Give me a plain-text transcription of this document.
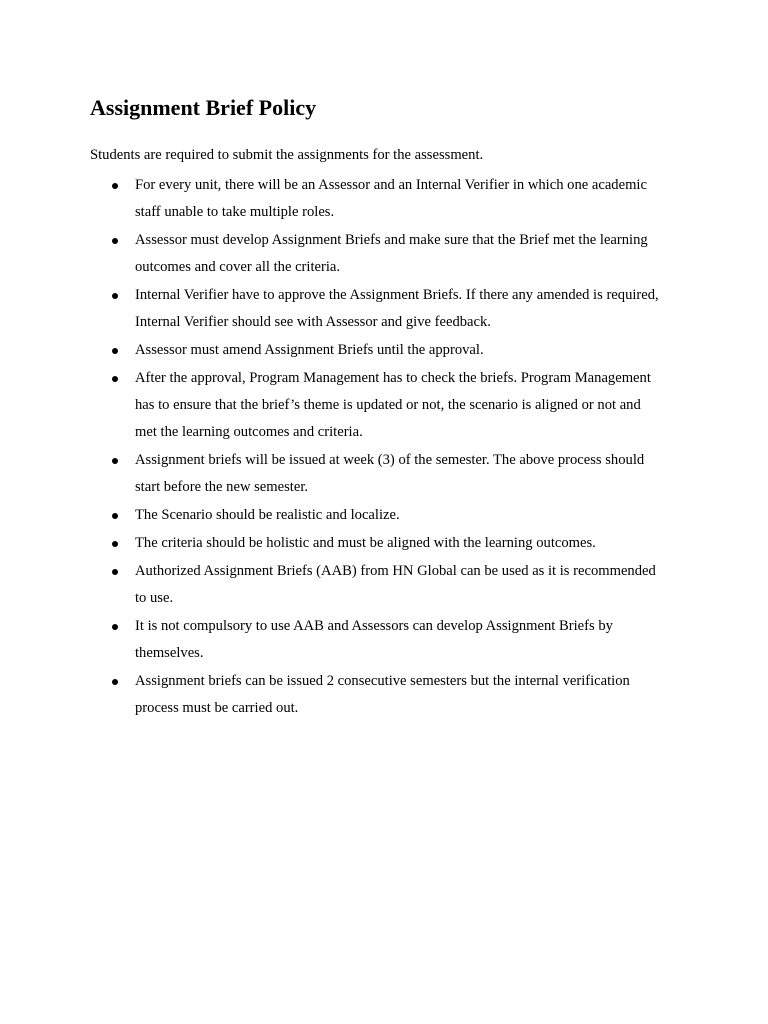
Assignment Brief Policy

Students are required to submit the assignments for the assessment.

For every unit, there will be an Assessor and an Internal Verifier in which one academic
staff unable to take multiple roles.
Assessor must develop Assignment Briefs and make sure that the Brief met the learning
outcomes and cover all the criteria.
Internal Verifier have to approve the Assignment Briefs. If there any amended is required,
Internal Verifier should see with Assessor and give feedback.
Assessor must amend Assignment Briefs until the approval.
After the approval, Program Management has to check the briefs. Program Management
has to ensure that the brief’s theme is updated or not, the scenario is aligned or not and
met the learning outcomes and criteria.
Assignment briefs will be issued at week (3) of the semester. The above process should
start before the new semester.
The Scenario should be realistic and localize.
The criteria should be holistic and must be aligned with the learning outcomes.
Authorized Assignment Briefs (AAB) from HN Global can be used as it is recommended
to use.
It is not compulsory to use AAB and Assessors can develop Assignment Briefs by
themselves.
Assignment briefs can be issued 2 consecutive semesters but the internal verification
process must be carried out.
